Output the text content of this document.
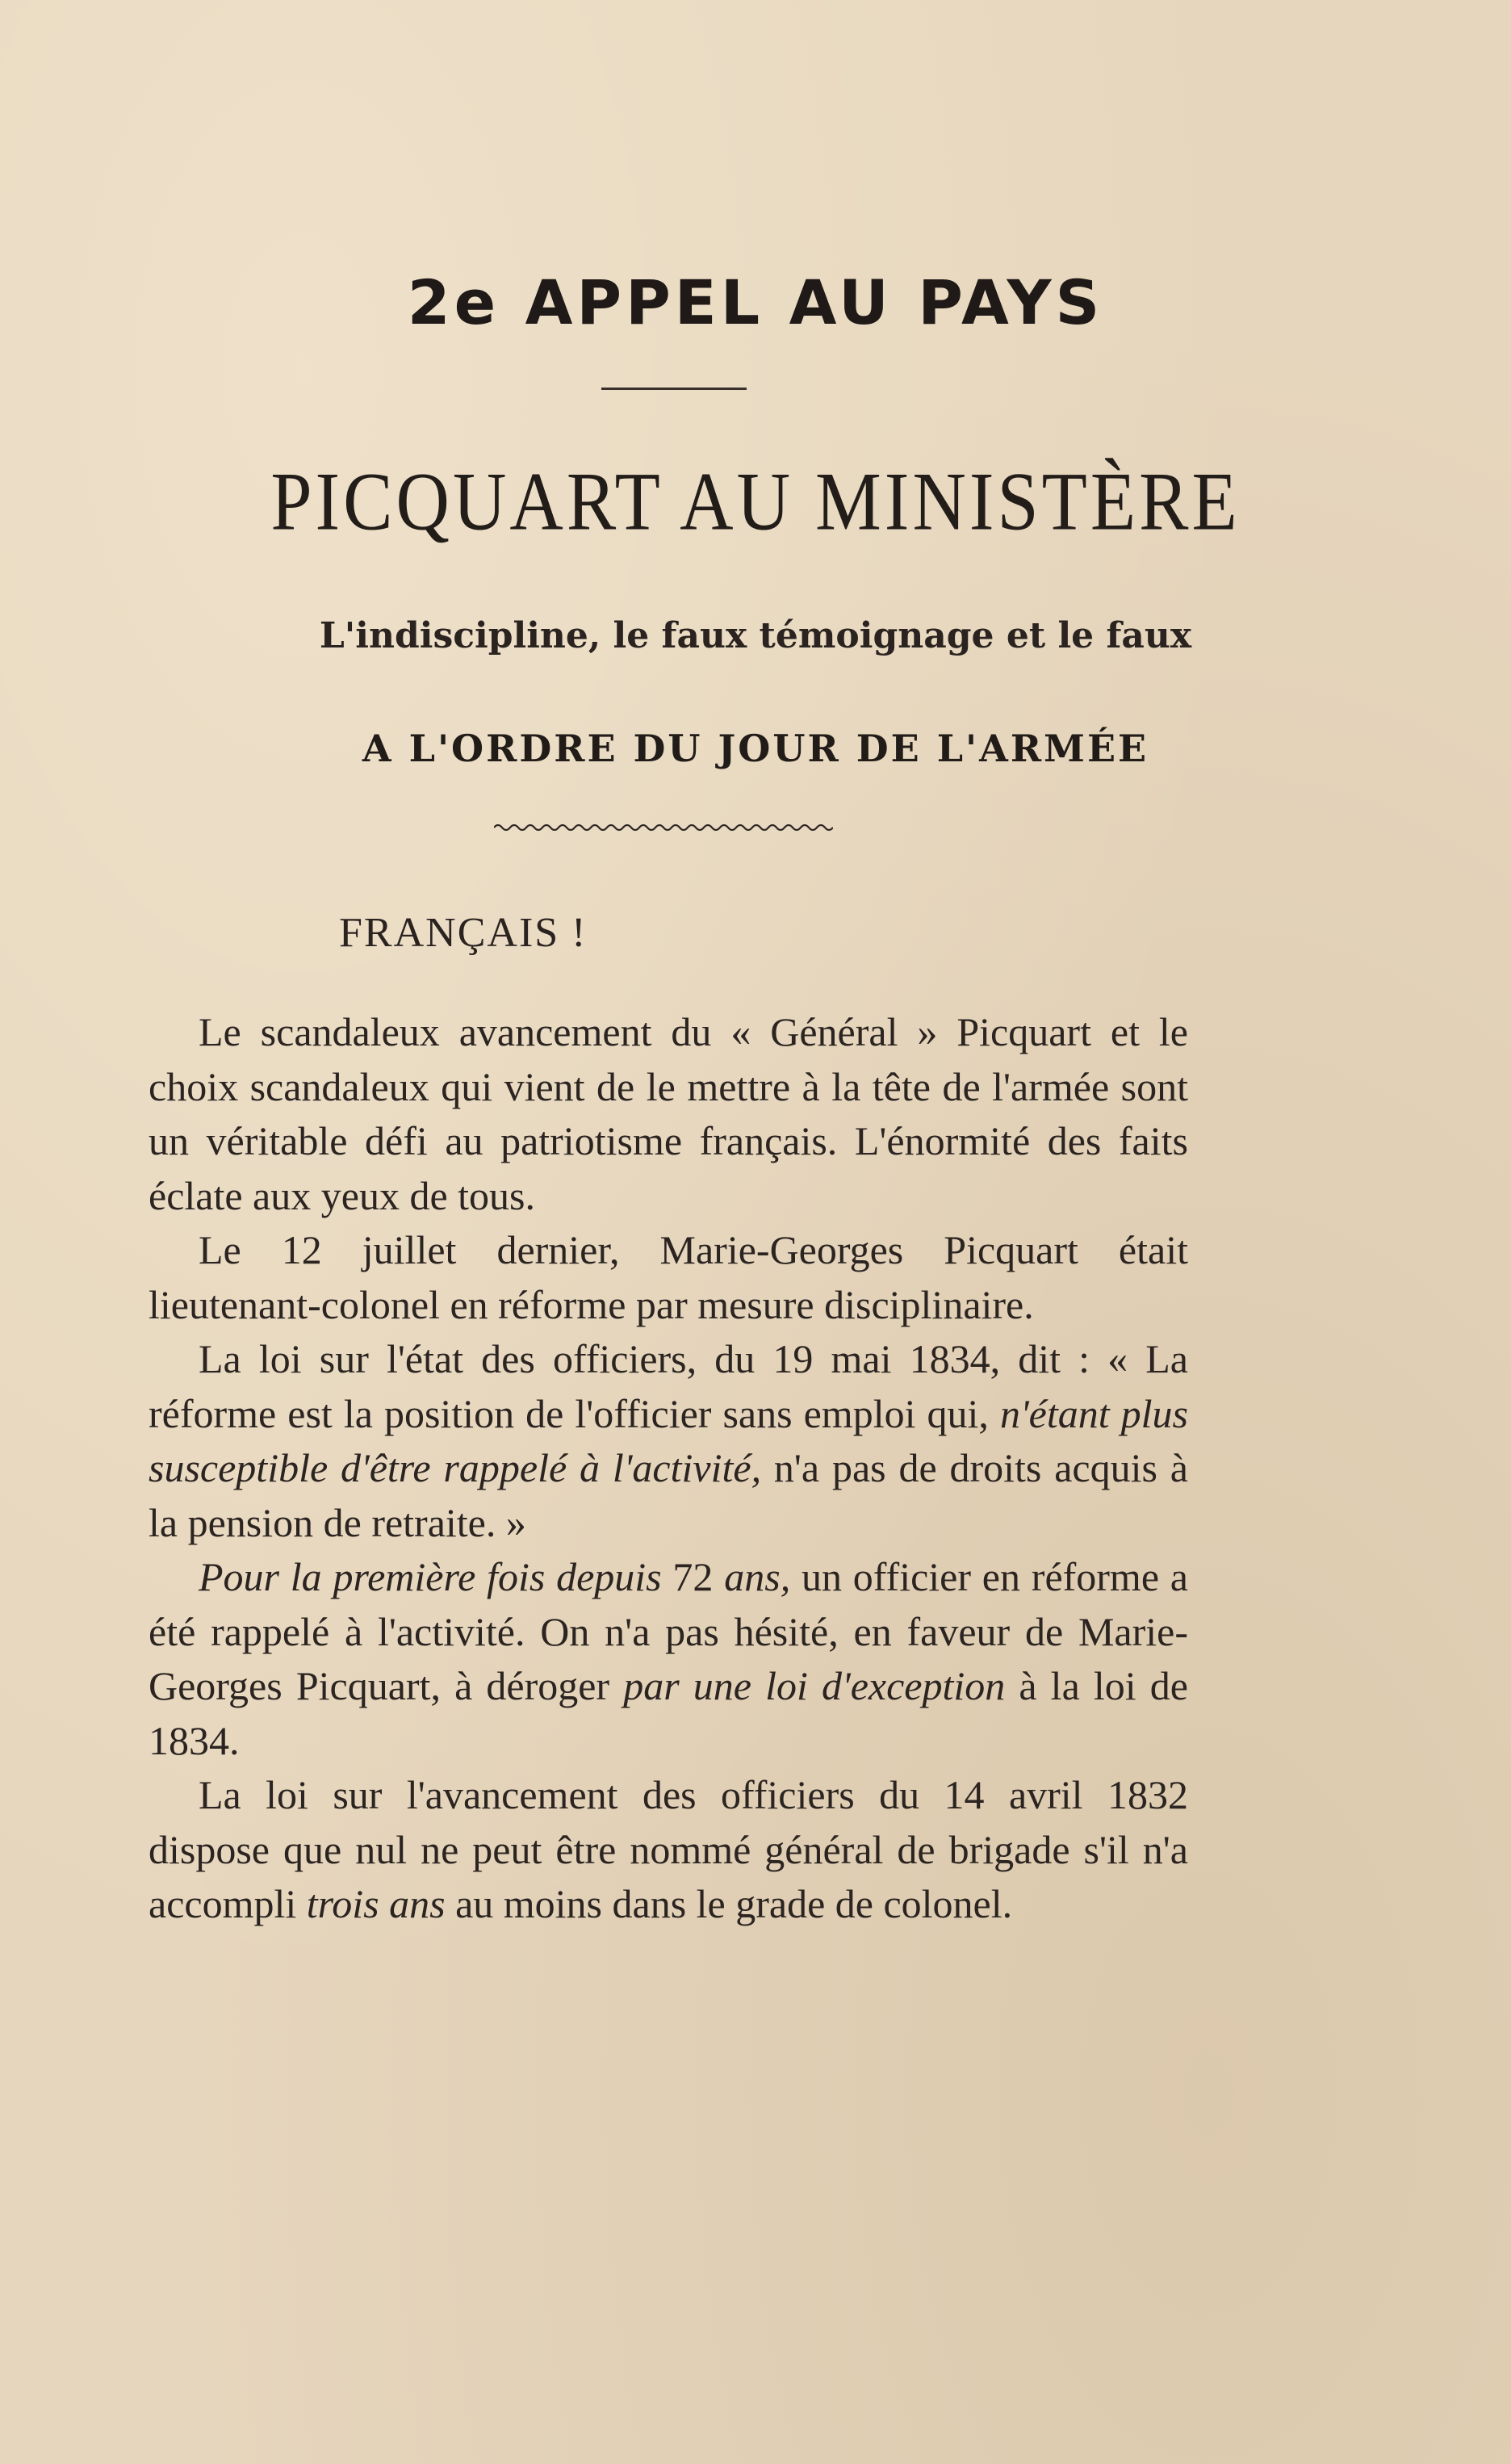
2e APPEL AU PAYS
PICQUART AU MINISTÈRE
L'indiscipline, le faux témoignage et le faux
A L'ORDRE DU JOUR DE L'ARMÉE
FRANÇAIS !

Le scandaleux avancement du « Général » Picquart et le choix scandaleux qui vient de le mettre à la tête de l'armée sont un véritable défi au patriotisme français. L'énormité des faits éclate aux yeux de tous.

Le 12 juillet dernier, Marie-Georges Picquart était lieutenant-colonel en réforme par mesure disciplinaire.

La loi sur l'état des officiers, du 19 mai 1834, dit : « La réforme est la position de l'officier sans emploi qui, n'étant plus susceptible d'être rappelé à l'activité, n'a pas de droits acquis à la pension de retraite. »

Pour la première fois depuis 72 ans, un officier en réforme a été rappelé à l'activité. On n'a pas hésité, en faveur de Marie-Georges Picquart, à déroger par une loi d'exception à la loi de 1834.

La loi sur l'avancement des officiers du 14 avril 1832 dispose que nul ne peut être nommé général de brigade s'il n'a accompli trois ans au moins dans le grade de colonel.
